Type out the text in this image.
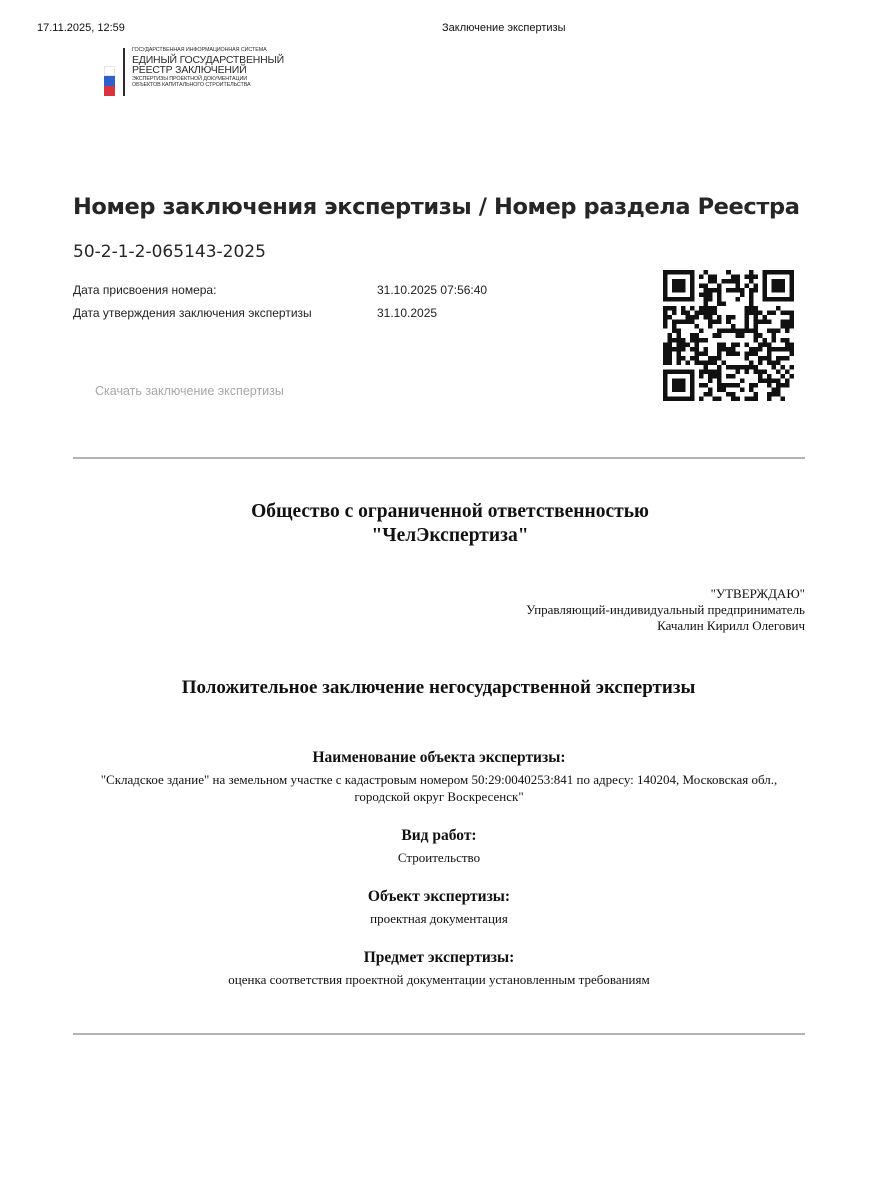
17.11.2025, 12:59	Заключение экспертизы
ГОСУДАРСТВЕННАЯ ИНФОРМАЦИОННАЯ СИСТЕМА
ЕДИНЫЙ ГОСУДАРСТВЕННЫЙ
РЕЕСТР ЗАКЛЮЧЕНИЙ
ЭКСПЕРТИЗЫ ПРОЕКТНОЙ ДОКУМЕНТАЦИИ
ОБЪЕКТОВ КАПИТАЛЬНОГО СТРОИТЕЛЬСТВА
Номер заключения экспертизы / Номер раздела Реестра
50-2-1-2-065143-2025
Дата присвоения номера:	31.10.2025 07:56:40
Дата утверждения заключения экспертизы	31.10.2025
Скачать заключение экспертизы
Общество с ограниченной ответственностью
"ЧелЭкспертиза"
"УТВЕРЖДАЮ"
Управляющий-индивидуальный предприниматель
Качалин Кирилл Олегович
Положительное заключение негосударственной экспертизы
Наименование объекта экспертизы:
"Складское здание" на земельном участке с кадастровым номером 50:29:0040253:841 по адресу: 140204, Московская обл., городской округ Воскресенск"
Вид работ:
Строительство
Объект экспертизы:
проектная документация
Предмет экспертизы:
оценка соответствия проектной документации установленным требованиям
